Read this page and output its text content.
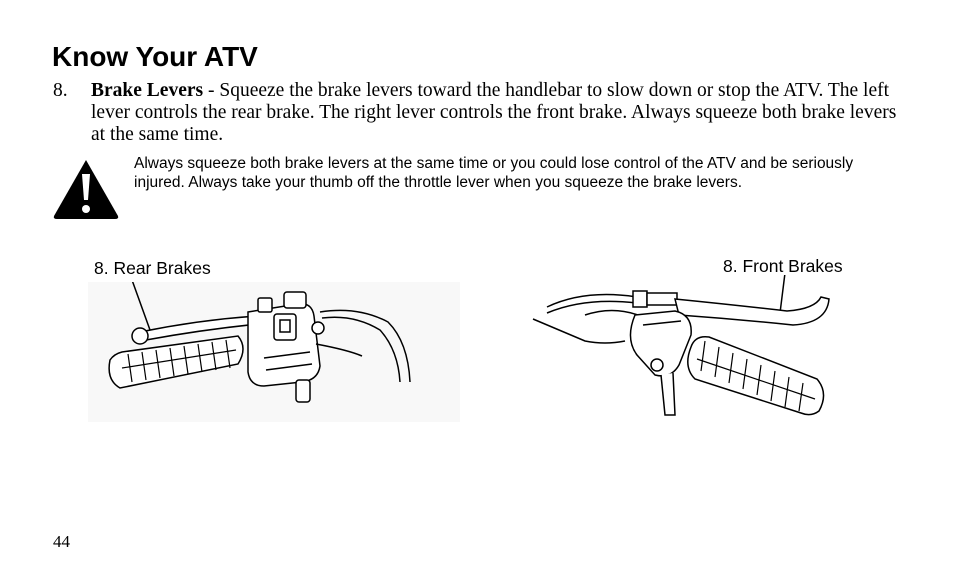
Know Your ATV
8. Brake Levers - Squeeze the brake levers toward the handlebar to slow down or stop the ATV. The left lever controls the rear brake. The right lever controls the front brake. Always squeeze both brake levers at the same time.
Always squeeze both brake levers at the same time or you could lose control of the ATV and be seriously injured. Always take your thumb off the throttle lever when you squeeze the brake levers.
8. Rear Brakes	8. Front Brakes
44
